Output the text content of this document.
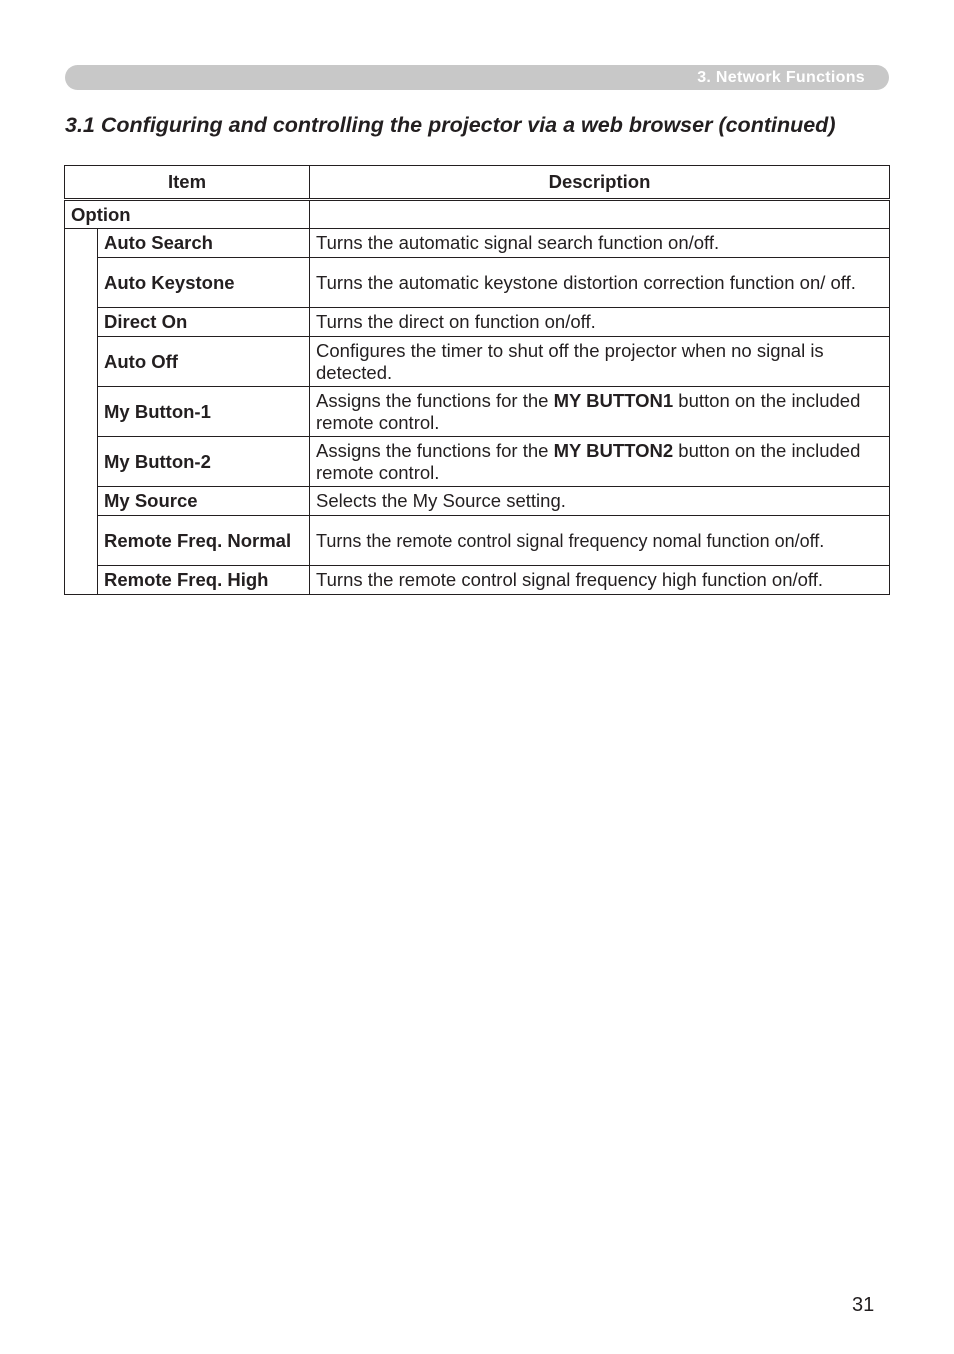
3. Network Functions
3.1 Configuring and controlling the projector via a web browser (continued)
Item		Description
Option		
	Auto Search	Turns the automatic signal search function on/off.
	Auto Keystone	Turns the automatic keystone distortion correction function on/ off.
	Direct On	Turns the direct on function on/off.
	Auto Off	Configures the timer to shut off the projector when no signal is detected.
	My Button-1	Assigns the functions for the MY BUTTON1 button on the included remote control.
	My Button-2	Assigns the functions for the MY BUTTON2 button on the included remote control.
	My Source	Selects the My Source setting.
	Remote Freq. Normal	Turns the remote control signal frequency nomal function on/off.
	Remote Freq. High	Turns the remote control signal frequency high function on/off.
31
